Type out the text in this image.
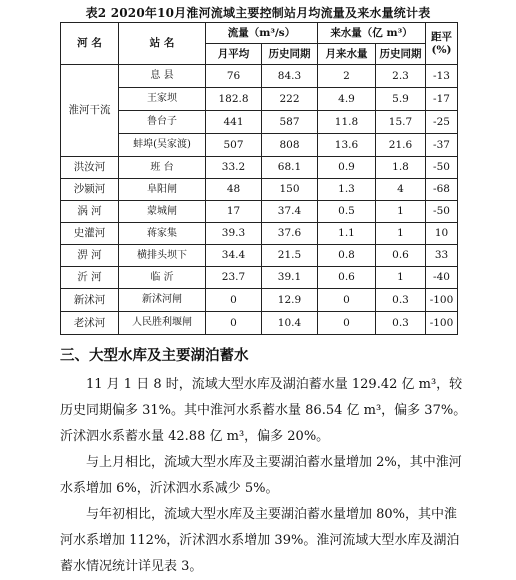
表2 2020年10月淮河流域主要控制站月均流量及来水量统计表
河 名	站 名	流量（m³/s）		来水量（亿 m³）		距平
(%)
		月平均	历史同期	月来水量	历史同期	
淮河干流	息 县	76	84.3	2	2.3	-13
	王家坝	182.8	222	4.9	5.9	-17
	鲁台子	441	587	11.8	15.7	-25
	蚌埠(吴家渡)	507	808	13.6	21.6	-37
洪汝河	班 台	33.2	68.1	0.9	1.8	-50
沙颍河	阜阳闸	48	150	1.3	4	-68
涡 河	蒙城闸	17	37.4	0.5	1	-50
史灌河	蒋家集	39.3	37.6	1.1	1	10
淠 河	横排头坝下	34.4	21.5	0.8	0.6	33
沂 河	临 沂	23.7	39.1	0.6	1	-40
新沭河	新沭河闸	0	12.9	0	0.3	-100
老沭河	人民胜利堰闸	0	10.4	0	0.3	-100
三、大型水库及主要湖泊蓄水

11 月 1 日 8 时，流域大型水库及湖泊蓄水量 129.42 亿 m³，较历史同期偏多 31%。其中淮河水系蓄水量 86.54 亿 m³，偏多 37%。沂沭泗水系蓄水量 42.88 亿 m³，偏多 20%。

与上月相比，流域大型水库及主要湖泊蓄水量增加 2%，其中淮河水系增加 6%，沂沭泗水系减少 5%。

与年初相比，流域大型水库及主要湖泊蓄水量增加 80%，其中淮河水系增加 112%，沂沭泗水系增加 39%。淮河流域大型水库及湖泊蓄水情况统计详见表 3。
